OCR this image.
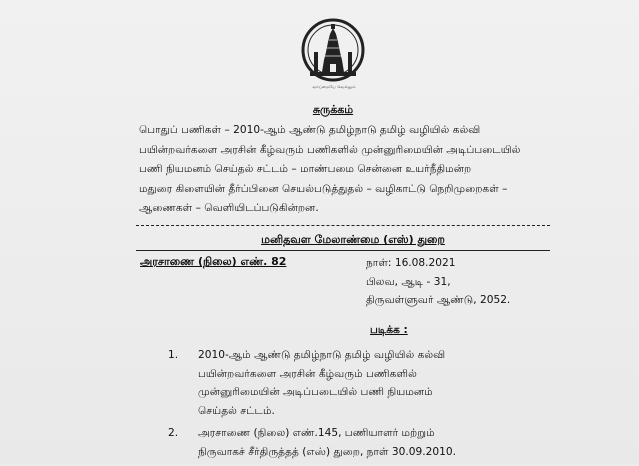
வாய்மையே வெல்லும்
சுருக்கம்
பொதுப் பணிகள் – 2010-ஆம் ஆண்டு தமிழ்நாடு தமிழ் வழியில் கல்வி
பயின்றவர்களை அரசின் கீழ்வரும் பணிகளில் முன்னுரிமையின் அடிப்படையில்
பணி நியமனம் செய்தல் சட்டம் – மாண்பமை சென்னை உயர்நீதிமன்ற
மதுரை கிளையின் தீர்ப்பினை செயல்படுத்துதல் – வழிகாட்டு நெறிமுறைகள் –
ஆணைகள் – வெளியிடப்படுகின்றன.
மனிதவள மேலாண்மை (எஸ்) துறை
அரசாணை (நிலை) எண். 82	நாள்: 16.08.2021
பிலவ, ஆடி - 31,
திருவள்ளுவர் ஆண்டு, 2052.
படிக்க :
1.	2010-ஆம் ஆண்டு தமிழ்நாடு தமிழ் வழியில் கல்வி
பயின்றவர்களை அரசின் கீழ்வரும் பணிகளில்
முன்னுரிமையின் அடிப்படையில் பணி நியமனம்
செய்தல் சட்டம்.
2.	அரசாணை (நிலை) எண்.145, பணியாளர் மற்றும்
நிருவாகச் சீர்திருத்தத் (எஸ்) துறை, நாள் 30.09.2010.
